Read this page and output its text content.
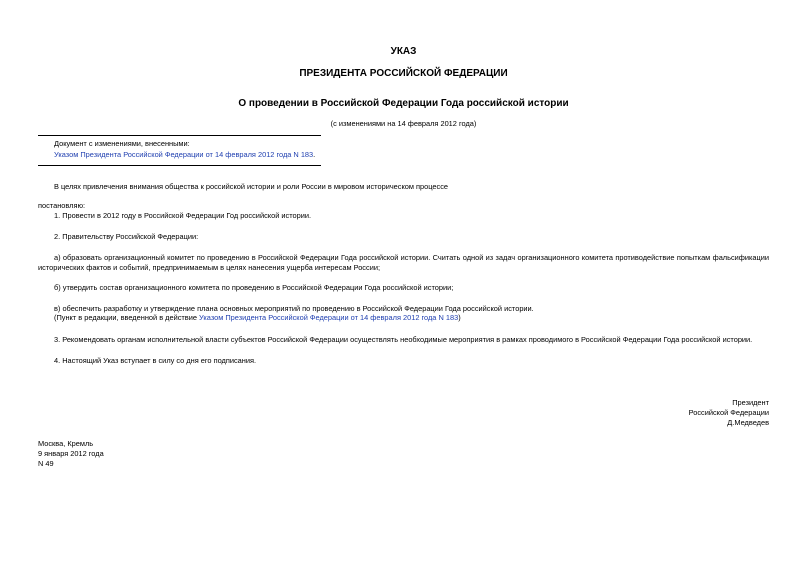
УКАЗ
ПРЕЗИДЕНТА РОССИЙСКОЙ ФЕДЕРАЦИИ
О проведении в Российской Федерации Года российской истории
(с изменениями на 14 февраля 2012 года)
Документ с изменениями, внесенными:
Указом Президента Российской Федерации от 14 февраля 2012 года N 183.
В целях привлечения внимания общества к российской истории и роли России в мировом историческом процессе
постановляю:
1. Провести в 2012 году в Российской Федерации Год российской истории.
2. Правительству Российской Федерации:
а) образовать организационный комитет по проведению в Российской Федерации Года российской истории. Считать одной из задач организационного комитета противодействие попыткам фальсификации исторических фактов и событий, предпринимаемым в целях нанесения ущерба интересам России;
б) утвердить состав организационного комитета по проведению в Российской Федерации Года российской истории;
в) обеспечить разработку и утверждение плана основных мероприятий по проведению в Российской Федерации Года российской истории.
(Пункт в редакции, введенной в действие Указом Президента Российской Федерации от 14 февраля 2012 года N 183)
3. Рекомендовать органам исполнительной власти субъектов Российской Федерации осуществлять необходимые мероприятия в рамках проводимого в Российской Федерации Года российской истории.
4. Настоящий Указ вступает в силу со дня его подписания.
Президент
Российской Федерации
Д.Медведев
Москва, Кремль
9 января 2012 года
N 49
